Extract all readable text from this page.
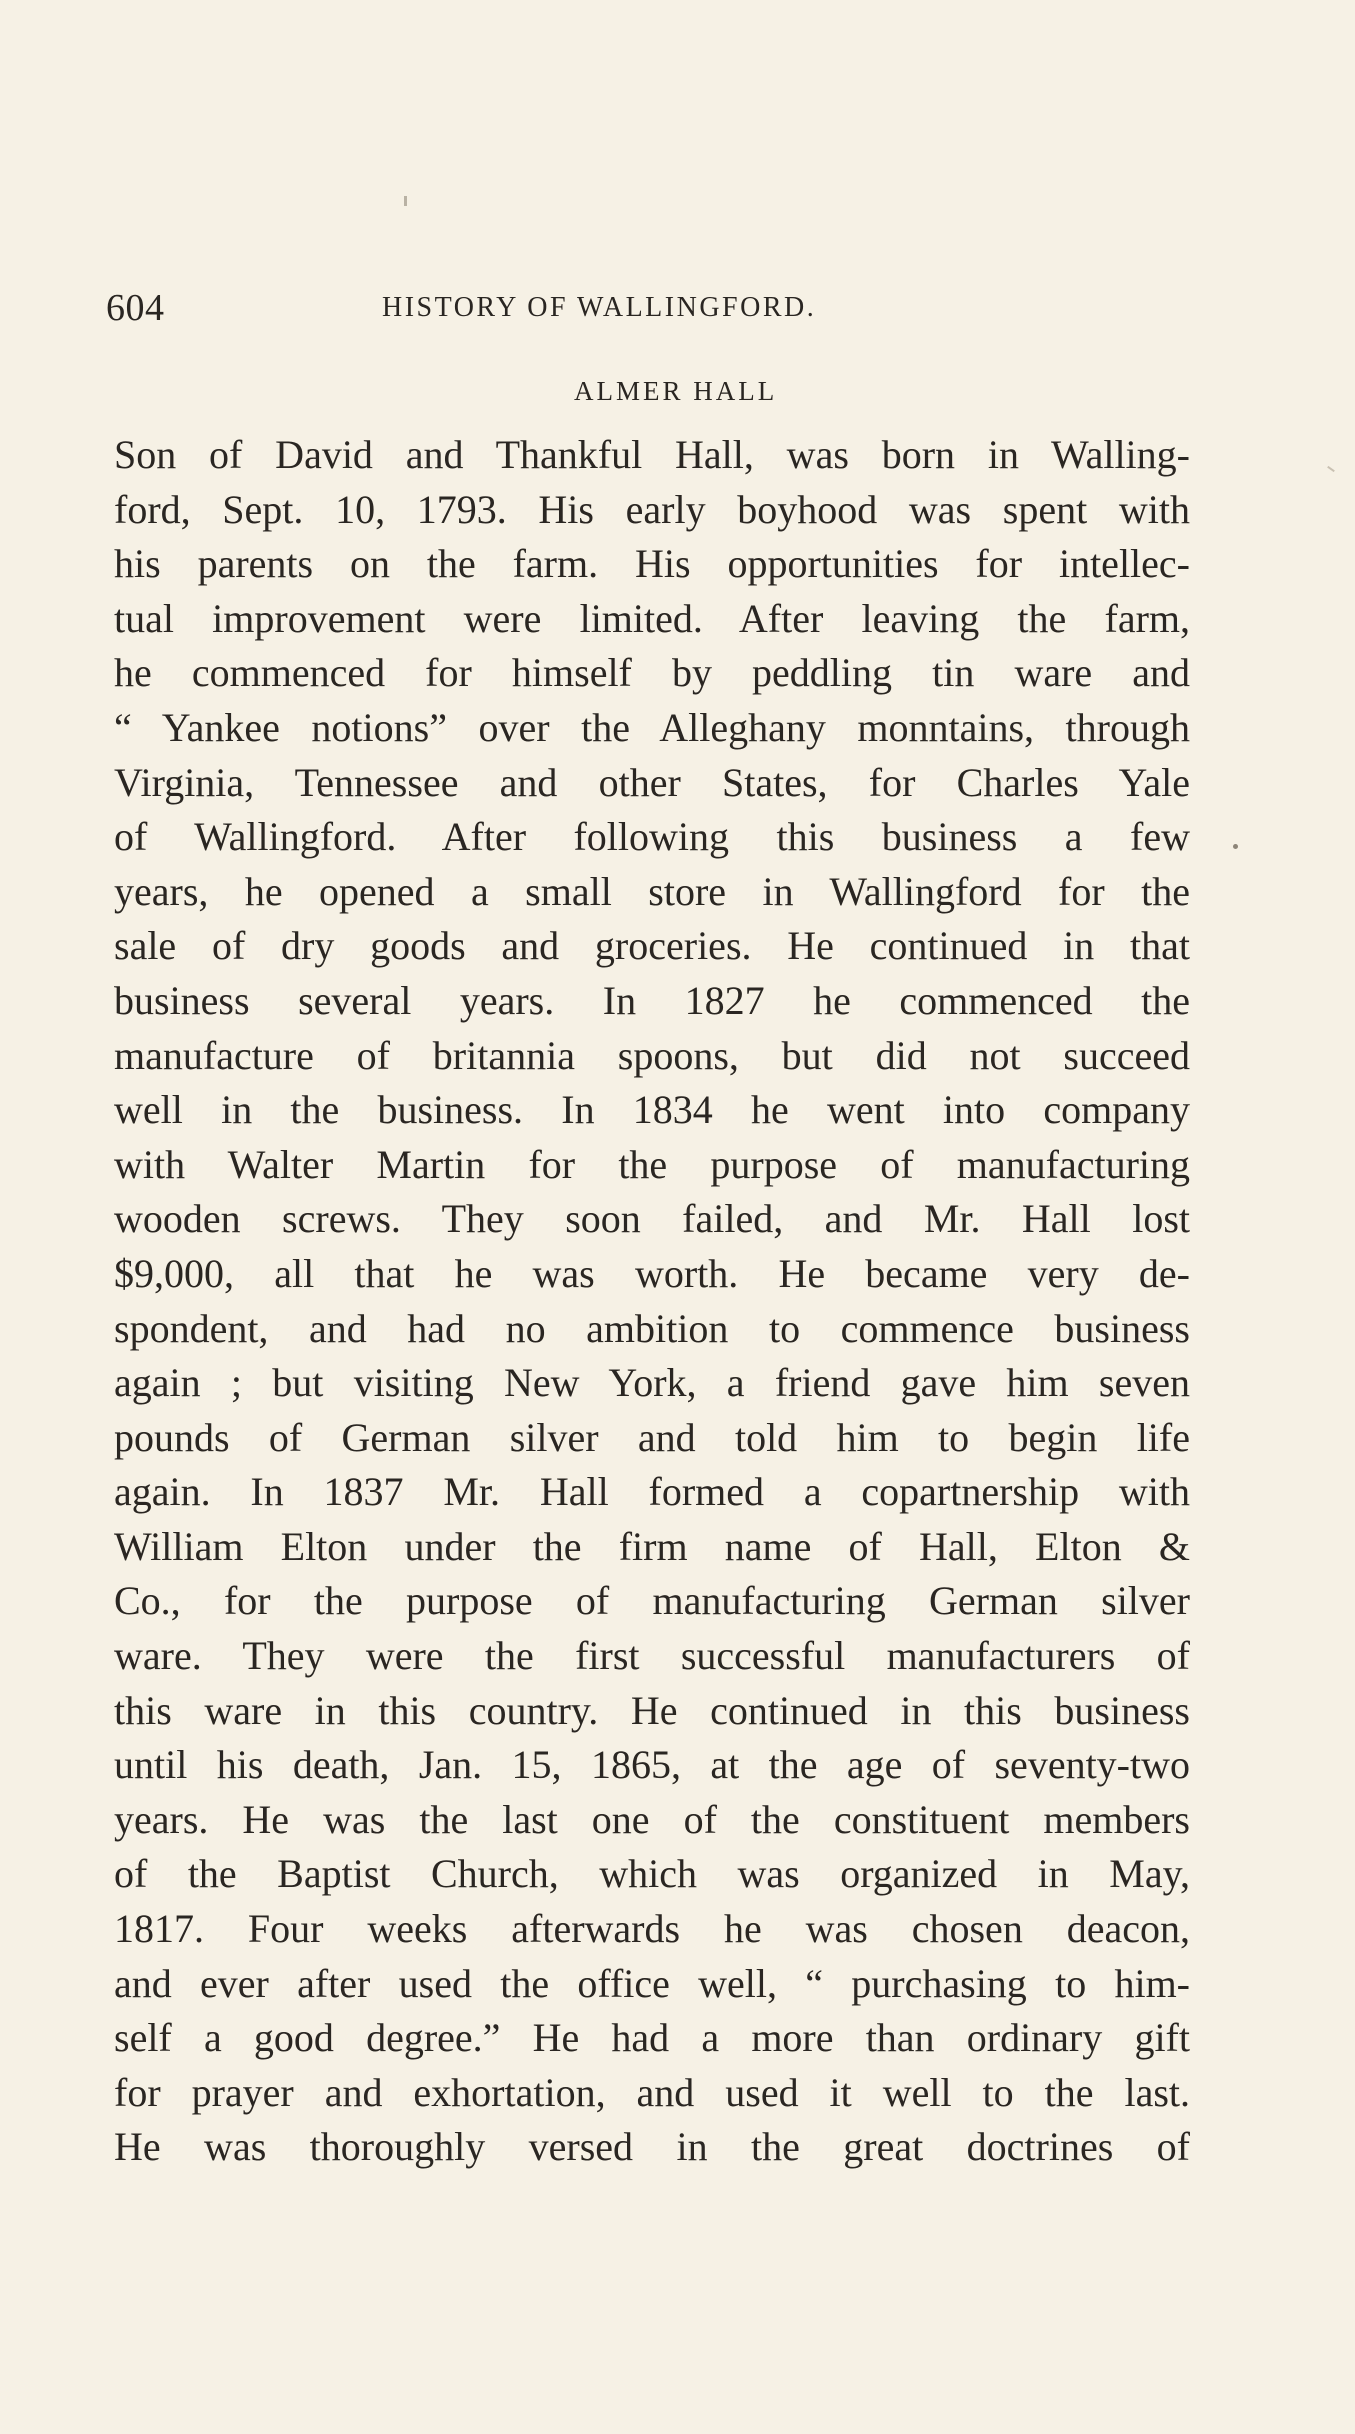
604	HISTORY OF WALLINGFORD.
ALMER HALL
Son of David and Thankful Hall, was born in Walling-
ford, Sept. 10, 1793. His early boyhood was spent with
his parents on the farm. His opportunities for intellec-
tual improvement were limited. After leaving the farm,
he commenced for himself by peddling tin ware and
“ Yankee notions” over the Alleghany monntains, through
Virginia, Tennessee and other States, for Charles Yale
of Wallingford. After following this business a few
years, he opened a small store in Wallingford for the
sale of dry goods and groceries. He continued in that
business several years. In 1827 he commenced the
manufacture of britannia spoons, but did not succeed
well in the business. In 1834 he went into company
with Walter Martin for the purpose of manufacturing
wooden screws. They soon failed, and Mr. Hall lost
$9,000, all that he was worth. He became very de-
spondent, and had no ambition to commence business
again ; but visiting New York, a friend gave him seven
pounds of German silver and told him to begin life
again. In 1837 Mr. Hall formed a copartnership with
William Elton under the firm name of Hall, Elton &
Co., for the purpose of manufacturing German silver
ware. They were the first successful manufacturers of
this ware in this country. He continued in this business
until his death, Jan. 15, 1865, at the age of seventy-two
years. He was the last one of the constituent members
of the Baptist Church, which was organized in May,
1817. Four weeks afterwards he was chosen deacon,
and ever after used the office well, “ purchasing to him-
self a good degree.” He had a more than ordinary gift
for prayer and exhortation, and used it well to the last.
He was thoroughly versed in the great doctrines of
